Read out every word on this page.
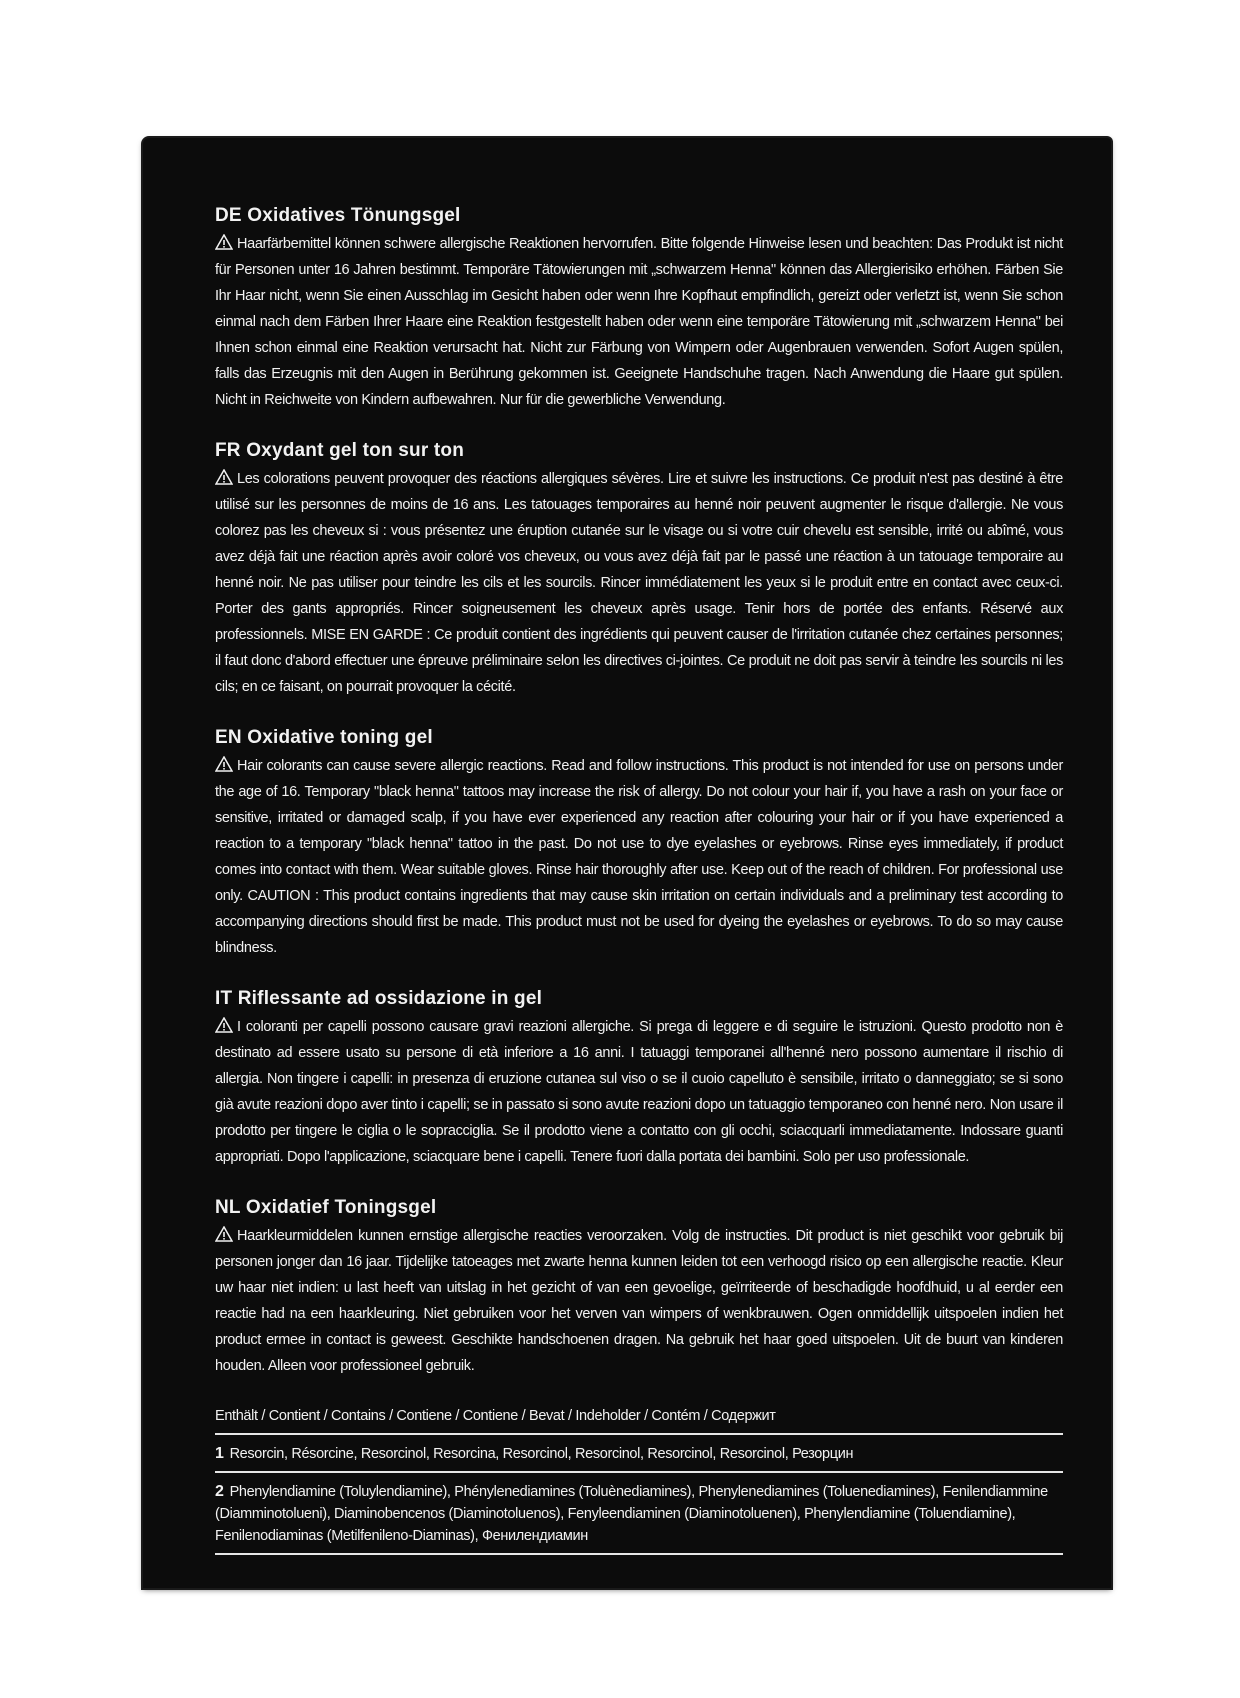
DE Oxidatives Tönungsgel

Haarfärbemittel können schwere allergische Reaktionen hervorrufen. Bitte folgende Hinweise lesen und beachten: Das Produkt ist nicht für Personen unter 16 Jahren bestimmt. Temporäre Tätowierungen mit „schwarzem Henna" können das Allergierisiko erhöhen. Färben Sie Ihr Haar nicht, wenn Sie einen Ausschlag im Gesicht haben oder wenn Ihre Kopfhaut empfindlich, gereizt oder verletzt ist, wenn Sie schon einmal nach dem Färben Ihrer Haare eine Reaktion festgestellt haben oder wenn eine temporäre Tätowierung mit „schwarzem Henna" bei Ihnen schon einmal eine Reaktion verursacht hat. Nicht zur Färbung von Wimpern oder Augenbrauen verwenden. Sofort Augen spülen, falls das Erzeugnis mit den Augen in Berührung gekommen ist. Geeignete Handschuhe tragen. Nach Anwendung die Haare gut spülen. Nicht in Reichweite von Kindern aufbewahren. Nur für die gewerbliche Verwendung.

FR Oxydant gel ton sur ton

Les colorations peuvent provoquer des réactions allergiques sévères. Lire et suivre les instructions. Ce produit n'est pas destiné à être utilisé sur les personnes de moins de 16 ans. Les tatouages temporaires au henné noir peuvent augmenter le risque d'allergie. Ne vous colorez pas les cheveux si : vous présentez une éruption cutanée sur le visage ou si votre cuir chevelu est sensible, irrité ou abîmé, vous avez déjà fait une réaction après avoir coloré vos cheveux, ou vous avez déjà fait par le passé une réaction à un tatouage temporaire au henné noir. Ne pas utiliser pour teindre les cils et les sourcils. Rincer immédiatement les yeux si le produit entre en contact avec ceux-ci. Porter des gants appropriés. Rincer soigneusement les cheveux après usage. Tenir hors de portée des enfants. Réservé aux professionnels. MISE EN GARDE : Ce produit contient des ingrédients qui peuvent causer de l'irritation cutanée chez certaines personnes; il faut donc d'abord effectuer une épreuve préliminaire selon les directives ci-jointes. Ce produit ne doit pas servir à teindre les sourcils ni les cils; en ce faisant, on pourrait provoquer la cécité.

EN Oxidative toning gel

Hair colorants can cause severe allergic reactions. Read and follow instructions. This product is not intended for use on persons under the age of 16. Temporary "black henna" tattoos may increase the risk of allergy. Do not colour your hair if, you have a rash on your face or sensitive, irritated or damaged scalp, if you have ever experienced any reaction after colouring your hair or if you have experienced a reaction to a temporary "black henna" tattoo in the past. Do not use to dye eyelashes or eyebrows. Rinse eyes immediately, if product comes into contact with them. Wear suitable gloves. Rinse hair thoroughly after use. Keep out of the reach of children. For professional use only. CAUTION : This product contains ingredients that may cause skin irritation on certain individuals and a preliminary test according to accompanying directions should first be made. This product must not be used for dyeing the eyelashes or eyebrows. To do so may cause blindness.

IT Riflessante ad ossidazione in gel

I coloranti per capelli possono causare gravi reazioni allergiche. Si prega di leggere e di seguire le istruzioni. Questo prodotto non è destinato ad essere usato su persone di età inferiore a 16 anni. I tatuaggi temporanei all'henné nero possono aumentare il rischio di allergia. Non tingere i capelli: in presenza di eruzione cutanea sul viso o se il cuoio capelluto è sensibile, irritato o danneggiato; se si sono già avute reazioni dopo aver tinto i capelli; se in passato si sono avute reazioni dopo un tatuaggio temporaneo con henné nero. Non usare il prodotto per tingere le ciglia o le sopracciglia. Se il prodotto viene a contatto con gli occhi, sciacquarli immediatamente. Indossare guanti appropriati. Dopo l'applicazione, sciacquare bene i capelli. Tenere fuori dalla portata dei bambini. Solo per uso professionale.

NL Oxidatief Toningsgel

Haarkleurmiddelen kunnen ernstige allergische reacties veroorzaken. Volg de instructies. Dit product is niet geschikt voor gebruik bij personen jonger dan 16 jaar. Tijdelijke tatoeages met zwarte henna kunnen leiden tot een verhoogd risico op een allergische reactie. Kleur uw haar niet indien: u last heeft van uitslag in het gezicht of van een gevoelige, geïrriteerde of beschadigde hoofdhuid, u al eerder een reactie had na een haarkleuring. Niet gebruiken voor het verven van wimpers of wenkbrauwen. Ogen onmiddellijk uitspoelen indien het product ermee in contact is geweest. Geschikte handschoenen dragen. Na gebruik het haar goed uitspoelen. Uit de buurt van kinderen houden. Alleen voor professioneel gebruik.

Enthält / Contient / Contains / Contiene / Contiene / Bevat / Indeholder / Contém / Содержит
1 Resorcin, Résorcine, Resorcinol, Resorcina, Resorcinol, Resorcinol, Resorcinol, Resorcinol, Резорцин
2 Phenylendiamine (Toluylendiamine), Phénylenediamines (Toluènediamines), Phenylenediamines (Toluenediamines), Fenilendiammine (Diamminotolueni), Diaminobencenos (Diaminotoluenos), Fenyleendiaminen (Diaminotoluenen), Phenylendiamine (Toluendiamine), Fenilenodiaminas (Metilfenileno-Diaminas), Фенилендиамин
